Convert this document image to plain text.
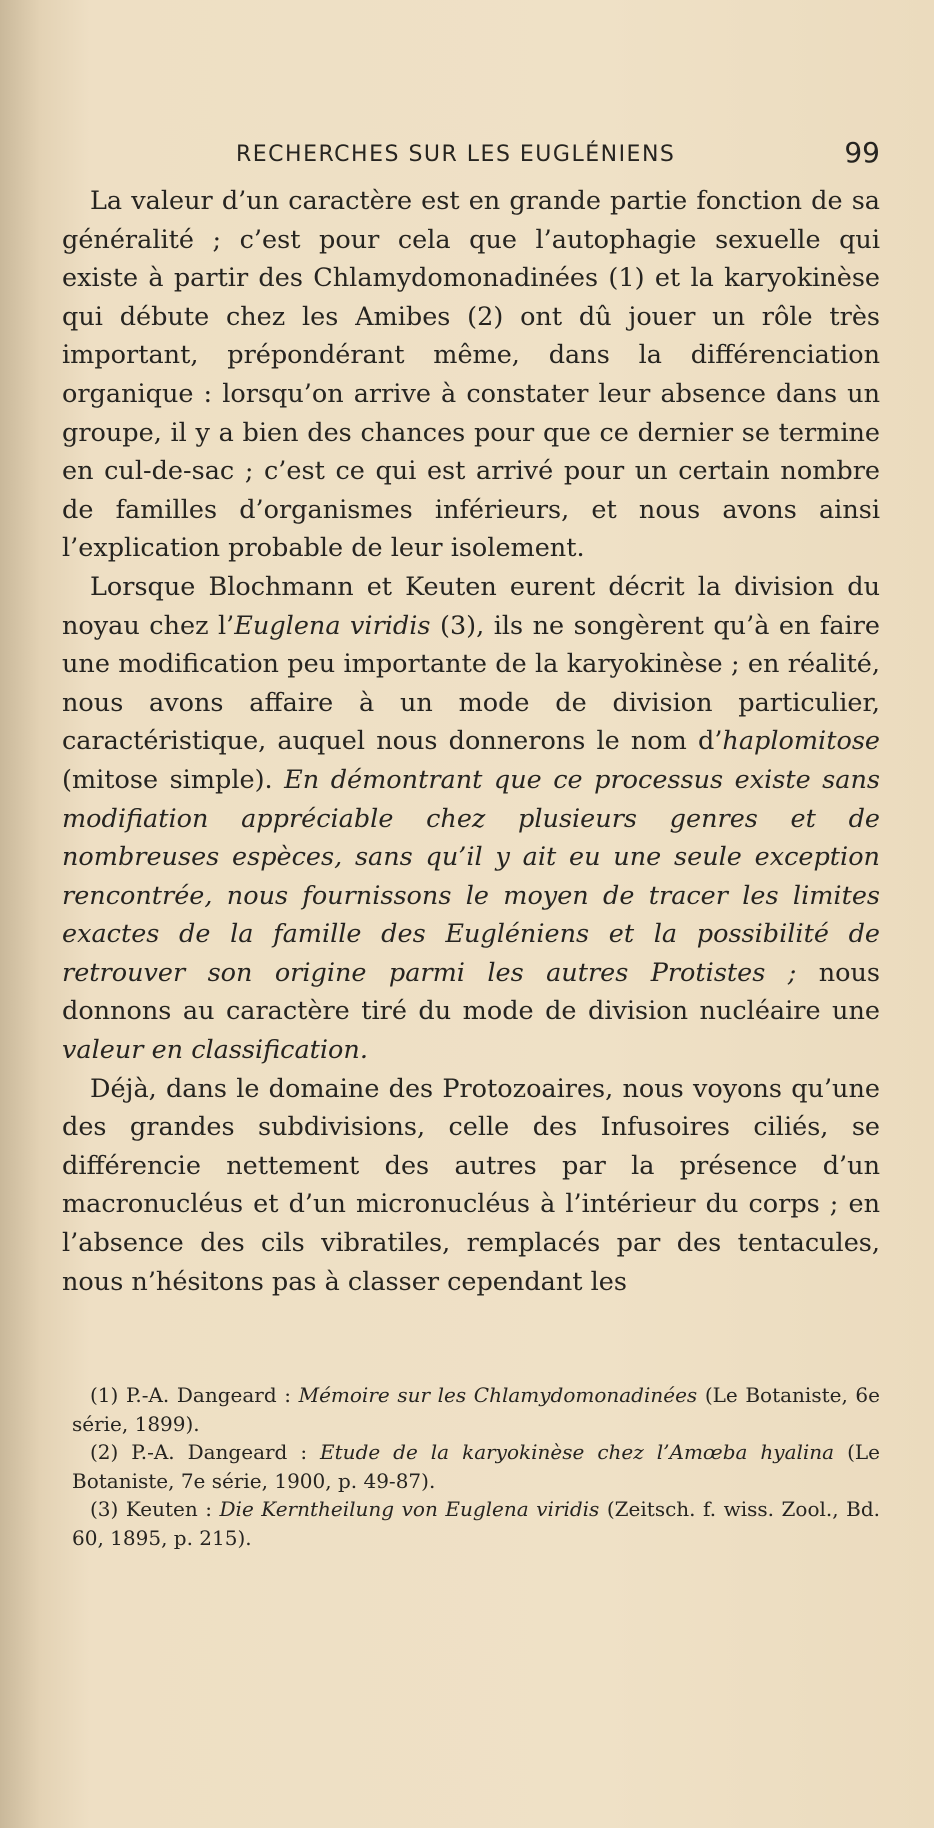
RECHERCHES SUR LES EUGLÉNIENS	99

La valeur d’un caractère est en grande partie fonction de sa généralité ; c’est pour cela que l’autophagie sexuelle qui existe à partir des Chlamydomonadinées (1) et la karyokinèse qui débute chez les Amibes (2) ont dû jouer un rôle très important, prépondérant même, dans la différenciation organique : lorsqu’on arrive à constater leur absence dans un groupe, il y a bien des chances pour que ce dernier se termine en cul-de-sac ; c’est ce qui est arrivé pour un certain nombre de familles d’organismes inférieurs, et nous avons ainsi l’explication probable de leur isolement.

Lorsque Blochmann et Keuten eurent décrit la division du noyau chez l’Euglena viridis (3), ils ne songèrent qu’à en faire une modification peu importante de la karyokinèse ; en réalité, nous avons affaire à un mode de division particulier, caractéristique, auquel nous donnerons le nom d’haplomitose (mitose simple). En démontrant que ce processus existe sans modifiation appréciable chez plusieurs genres et de nombreuses espèces, sans qu’il y ait eu une seule exception rencontrée, nous fournissons le moyen de tracer les limites exactes de la famille des Eugléniens et la possibilité de retrouver son origine parmi les autres Protistes ; nous donnons au caractère tiré du mode de division nucléaire une valeur en classification.

Déjà, dans le domaine des Protozoaires, nous voyons qu’une des grandes subdivisions, celle des Infusoires ciliés, se différencie nettement des autres par la présence d’un macronucléus et d’un micronucléus à l’intérieur du corps ; en l’absence des cils vibratiles, remplacés par des tentacules, nous n’hésitons pas à classer cependant les

(1) P.-A. Dangeard : Mémoire sur les Chlamydomonadinées (Le Botaniste, 6e série, 1899).

(2) P.-A. Dangeard : Etude de la karyokinèse chez l’Amœba hyalina (Le Botaniste, 7e série, 1900, p. 49-87).

(3) Keuten : Die Kerntheilung von Euglena viridis (Zeitsch. f. wiss. Zool., Bd. 60, 1895, p. 215).
